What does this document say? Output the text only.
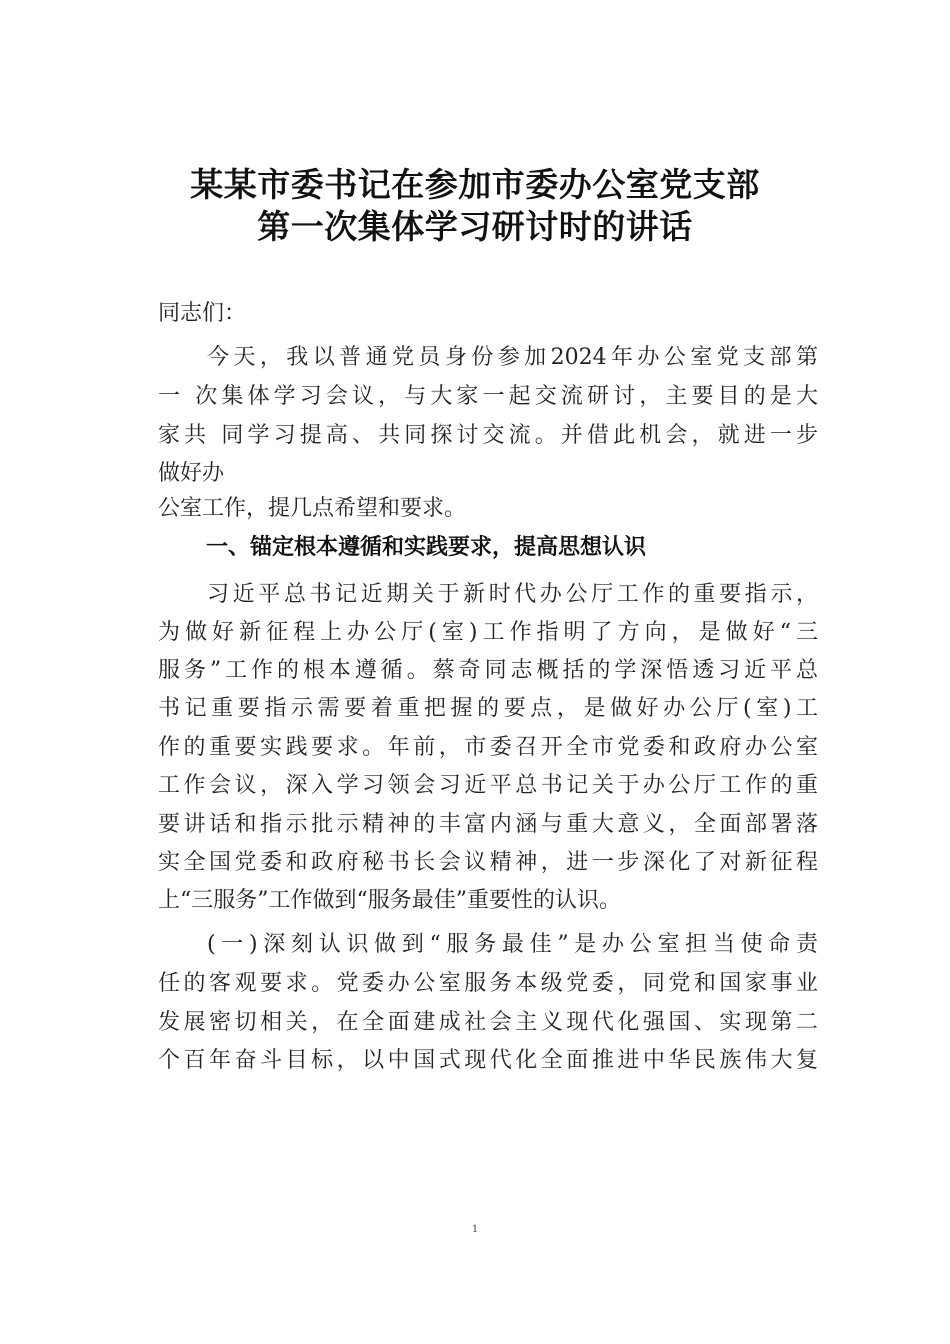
某某市委书记在参加市委办公室党支部
第一次集体学习研讨时的讲话
同志们：
今天，我以普通党员身份参加2024年办公室党支部第
一 次集体学习会议，与大家一起交流研讨，主要目的是大
家共 同学习提高、共同探讨交流。并借此机会，就进一步
做好办
公室工作，提几点希望和要求。
一、锚定根本遵循和实践要求，提高思想认识
习近平总书记近期关于新时代办公厅工作的重要指示，
为做好新征程上办公厅(室)工作指明了方向，是做好“三
服务”工作的根本遵循。蔡奇同志概括的学深悟透习近平总
书记重要指示需要着重把握的要点，是做好办公厅(室)工
作的重要实践要求。年前，市委召开全市党委和政府办公室
工作会议，深入学习领会习近平总书记关于办公厅工作的重
要讲话和指示批示精神的丰富内涵与重大意义，全面部署落
实全国党委和政府秘书长会议精神，进一步深化了对新征程
上“三服务”工作做到“服务最佳”重要性的认识。
(一)深刻认识做到“服务最佳”是办公室担当使命责
任的客观要求。党委办公室服务本级党委，同党和国家事业
发展密切相关，在全面建成社会主义现代化强国、实现第二
个百年奋斗目标，以中国式现代化全面推进中华民族伟大复
1
